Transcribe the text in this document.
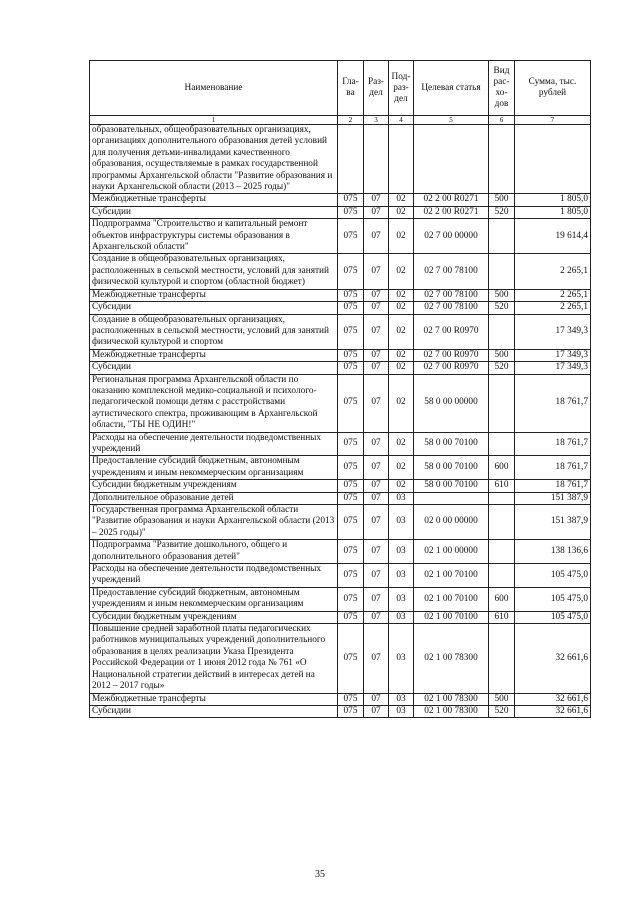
Наименование	Гла-ва	Раз-дел	Под-раз-дел	Целевая статья	Вид рас-хо-дов	Сумма, тыс. рублей
1	2	3	4	5	6	7
образовательных, общеобразовательных организациях, организациях дополнительного образования детей условий для получения детьми-инвалидами качественного образования, осуществляемые в рамках государственной программы Архангельской области "Развитие образования и науки Архангельской области (2013 – 2025 годы)"						
Межбюджетные трансферты	075	07	02	02 2 00 R0271	500	1 805,0
Субсидии	075	07	02	02 2 00 R0271	520	1 805,0
Подпрограмма "Строительство и капитальный ремонт объектов инфраструктуры системы образования в Архангельской области"	075	07	02	02 7 00 00000		19 614,4
Создание в общеобразовательных организациях, расположенных в сельской местности, условий для занятий физической культурой и спортом (областной бюджет)	075	07	02	02 7 00 78100		2 265,1
Межбюджетные трансферты	075	07	02	02 7 00 78100	500	2 265,1
Субсидии	075	07	02	02 7 00 78100	520	2 265,1
Создание в общеобразовательных организациях, расположенных в сельской местности, условий для занятий физической культурой и спортом	075	07	02	02 7 00 R0970		17 349,3
Межбюджетные трансферты	075	07	02	02 7 00 R0970	500	17 349,3
Субсидии	075	07	02	02 7 00 R0970	520	17 349,3
Региональная программа Архангельской области по оказанию комплексной медико-социальной и психолого-педагогической помощи детям с расстройствами аутистического спектра, проживающим в Архангельской области, "ТЫ НЕ ОДИН!"	075	07	02	58 0 00 00000		18 761,7
Расходы на обеспечение деятельности подведомственных учреждений	075	07	02	58 0 00 70100		18 761,7
Предоставление субсидий бюджетным, автономным учреждениям и иным некоммерческим организациям	075	07	02	58 0 00 70100	600	18 761,7
Субсидии бюджетным учреждениям	075	07	02	58 0 00 70100	610	18 761,7
Дополнительное образование детей	075	07	03			151 387,9
Государственная программа Архангельской области "Развитие образования и науки Архангельской области (2013 – 2025 годы)"	075	07	03	02 0 00 00000		151 387,9
Подпрограмма "Развитие дошкольного, общего и дополнительного образования детей"	075	07	03	02 1 00 00000		138 136,6
Расходы на обеспечение деятельности подведомственных учреждений	075	07	03	02 1 00 70100		105 475,0
Предоставление субсидий бюджетным, автономным учреждениям и иным некоммерческим организациям	075	07	03	02 1 00 70100	600	105 475,0
Субсидии бюджетным учреждениям	075	07	03	02 1 00 70100	610	105 475,0
Повышение средней заработной платы педагогических работников муниципальных учреждений дополнительного образования в целях реализации Указа Президента Российской Федерации от 1 июня 2012 года № 761 «О Национальной стратегии действий в интересах детей на 2012 – 2017 годы»	075	07	03	02 1 00 78300		32 661,6
Межбюджетные трансферты	075	07	03	02 1 00 78300	500	32 661,6
Субсидии	075	07	03	02 1 00 78300	520	32 661,6
35
